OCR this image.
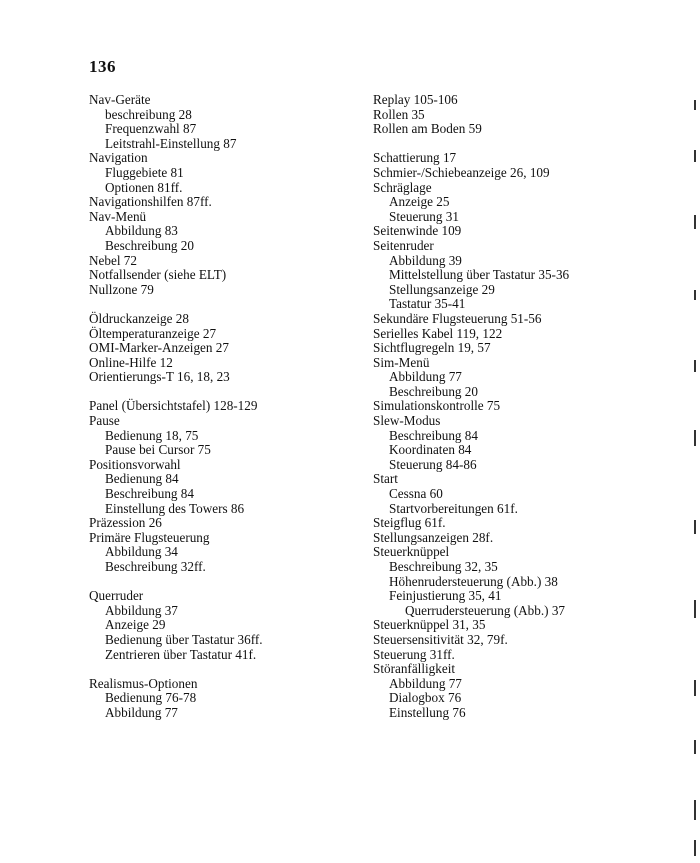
136
Nav-Geräte
beschreibung 28
Frequenzwahl 87
Leitstrahl-Einstellung 87
Navigation
Fluggebiete 81
Optionen 81ff.
Navigationshilfen 87ff.
Nav-Menü
Abbildung 83
Beschreibung 20
Nebel 72
Notfallsender (siehe ELT)
Nullzone 79
Öldruckanzeige 28
Öltemperaturanzeige 27
OMI-Marker-Anzeigen 27
Online-Hilfe 12
Orientierungs-T 16, 18, 23
Panel (Übersichtstafel) 128-129
Pause
Bedienung 18, 75
Pause bei Cursor 75
Positionsvorwahl
Bedienung 84
Beschreibung 84
Einstellung des Towers 86
Präzession 26
Primäre Flugsteuerung
Abbildung 34
Beschreibung 32ff.
Querruder
Abbildung 37
Anzeige 29
Bedienung über Tastatur 36ff.
Zentrieren über Tastatur 41f.
Realismus-Optionen
Bedienung 76-78
Abbildung 77
Replay 105-106
Rollen 35
Rollen am Boden 59
Schattierung 17
Schmier-/Schiebeanzeige 26, 109
Schräglage
Anzeige 25
Steuerung 31
Seitenwinde 109
Seitenruder
Abbildung 39
Mittelstellung über Tastatur 35-36
Stellungsanzeige 29
Tastatur 35-41
Sekundäre Flugsteuerung 51-56
Serielles Kabel 119, 122
Sichtflugregeln 19, 57
Sim-Menü
Abbildung 77
Beschreibung 20
Simulationskontrolle 75
Slew-Modus
Beschreibung 84
Koordinaten 84
Steuerung 84-86
Start
Cessna 60
Startvorbereitungen 61f.
Steigflug 61f.
Stellungsanzeigen 28f.
Steuerknüppel
Beschreibung 32, 35
Höhenrudersteuerung (Abb.) 38
Feinjustierung 35, 41
Querrudersteuerung (Abb.) 37
Steuerknüppel 31, 35
Steuersensitivität 32, 79f.
Steuerung 31ff.
Störanfälligkeit
Abbildung 77
Dialogbox 76
Einstellung 76
